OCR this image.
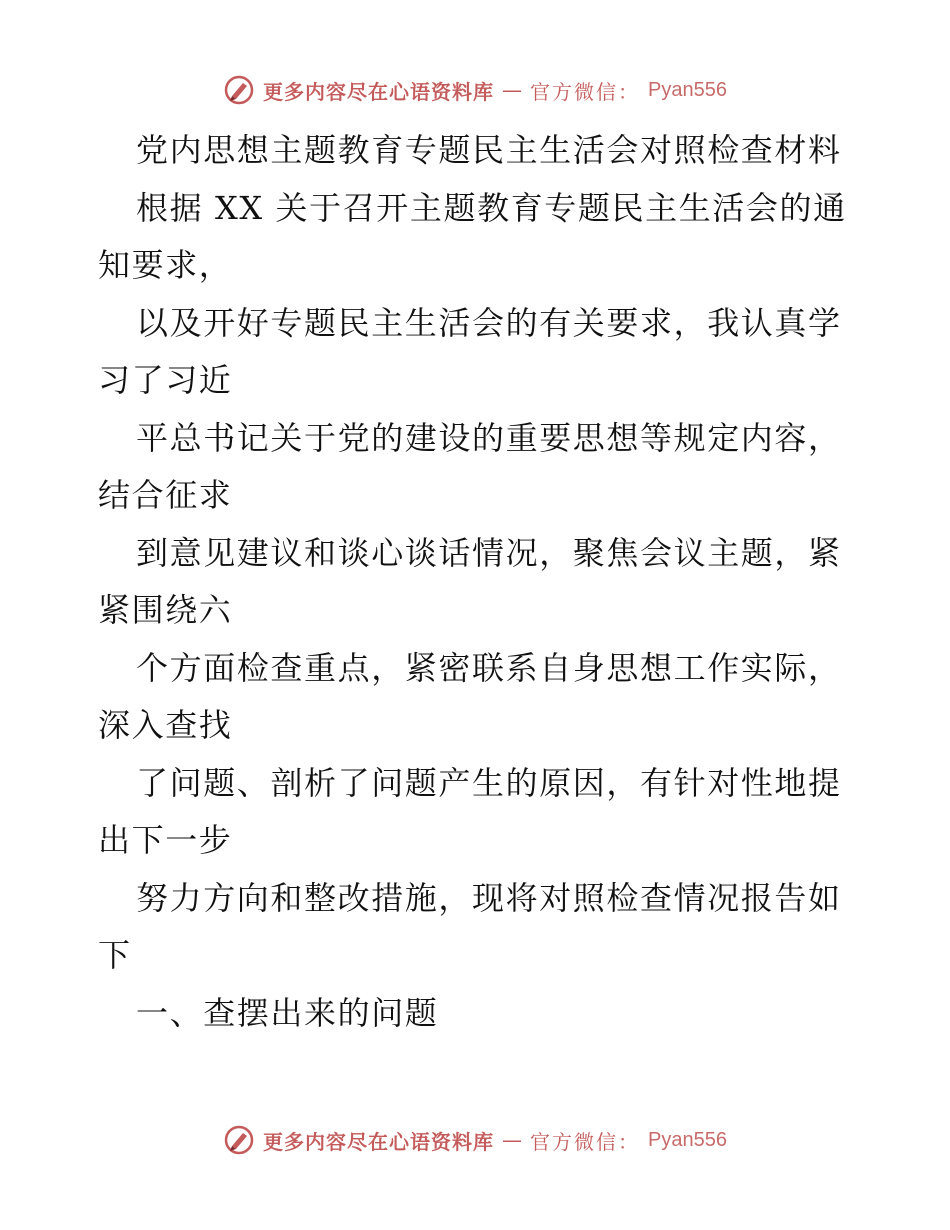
更多内容尽在心语资料库 — 官方微信： Pyan556
党内思想主题教育专题民主生活会对照检查材料
根据 XX 关于召开主题教育专题民主生活会的通
知要求，
以及开好专题民主生活会的有关要求，我认真学
习了习近
平总书记关于党的建设的重要思想等规定内容，
结合征求
到意见建议和谈心谈话情况，聚焦会议主题，紧
紧围绕六
个方面检查重点，紧密联系自身思想工作实际，
深入查找
了问题、剖析了问题产生的原因，有针对性地提
出下一步
努力方向和整改措施，现将对照检查情况报告如
下
一、查摆出来的问题
更多内容尽在心语资料库 — 官方微信： Pyan556
